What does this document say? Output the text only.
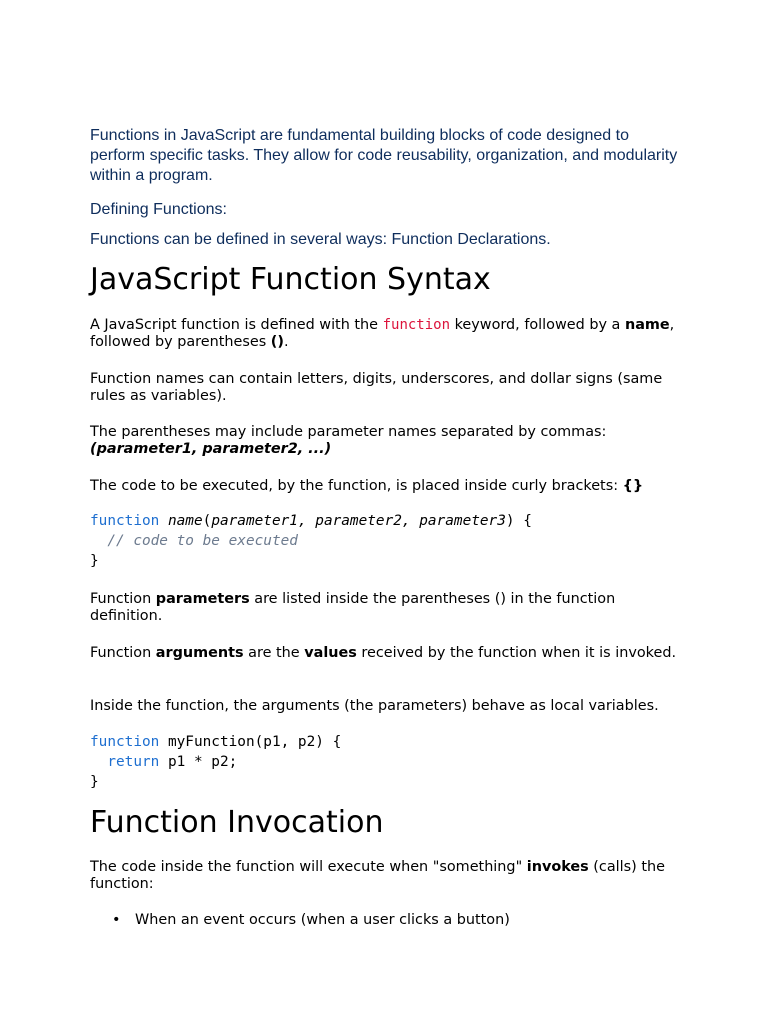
Functions in JavaScript are fundamental building blocks of code designed to perform specific tasks. They allow for code reusability, organization, and modularity within a program.

Defining Functions:

Functions can be defined in several ways: Function Declarations.

JavaScript Function Syntax

A JavaScript function is defined with the function keyword, followed by a name, followed by parentheses ().

Function names can contain letters, digits, underscores, and dollar signs (same rules as variables).

The parentheses may include parameter names separated by commas:
(parameter1, parameter2, ...)

The code to be executed, by the function, is placed inside curly brackets: {}

function name(parameter1, parameter2, parameter3) {
// code to be executed
}

Function parameters are listed inside the parentheses () in the function definition.

Function arguments are the values received by the function when it is invoked.

Inside the function, the arguments (the parameters) behave as local variables.

function myFunction(p1, p2) {
return p1 * p2;
}
Function Invocation

The code inside the function will execute when "something" invokes (calls) the function:

• When an event occurs (when a user clicks a button)
